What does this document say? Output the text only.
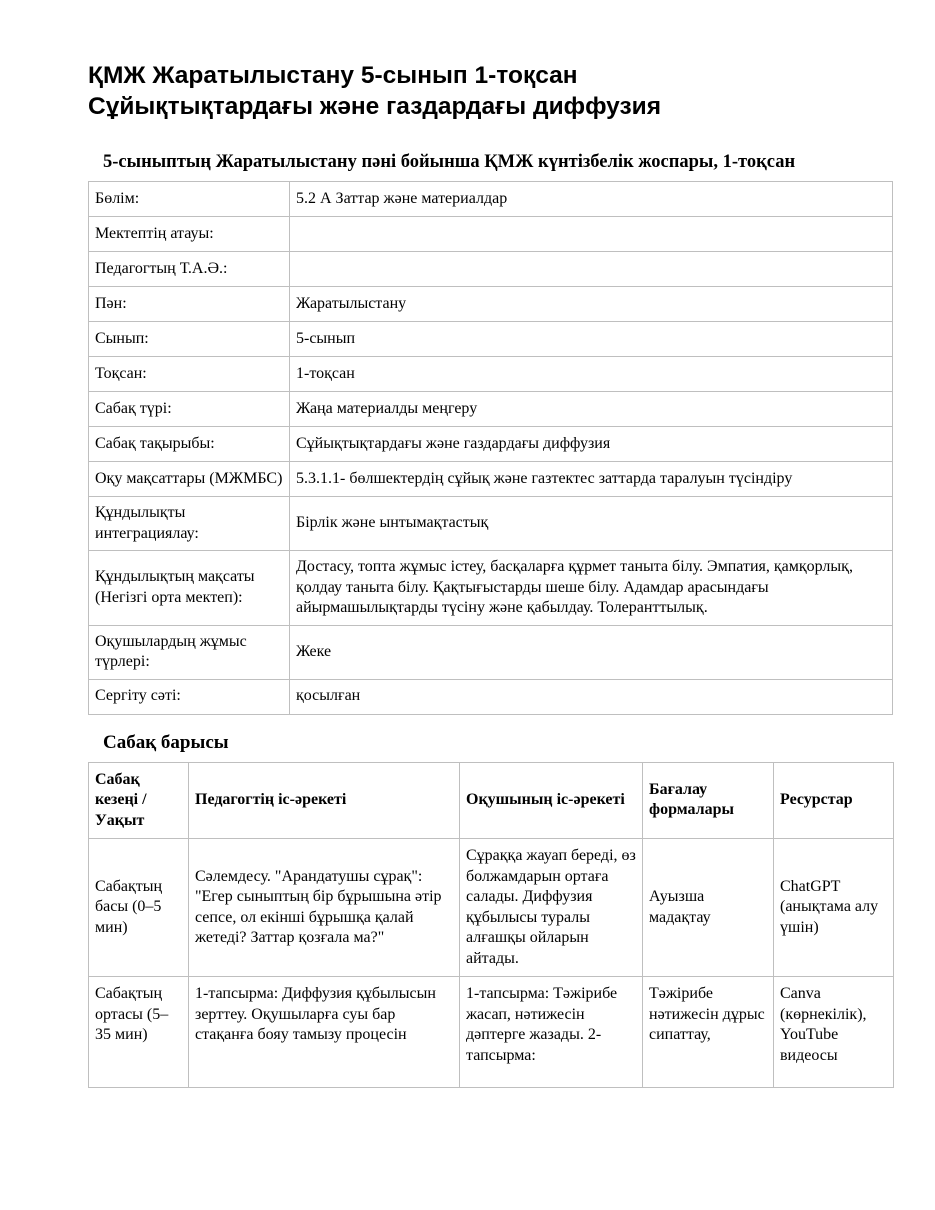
ҚМЖ Жаратылыстану 5-сынып 1-тоқсан
Сұйықтықтардағы және газдардағы диффузия
5-сыныптың Жаратылыстану пәні бойынша ҚМЖ күнтізбелік жоспары, 1-тоқсан
Бөлім:	5.2 А Заттар және материалдар
Мектептің атауы:	
Педагогтың Т.А.Ә.:	
Пән:	Жаратылыстану
Сынып:	5-сынып
Тоқсан:	1-тоқсан
Сабақ түрі:	Жаңа материалды меңгеру
Сабақ тақырыбы:	Сұйықтықтардағы және газдардағы диффузия
Оқу мақсаттары (МЖМБС)	5.3.1.1- бөлшектердің сұйық және газтектес заттарда таралуын түсіндіру
Құндылықты интеграциялау:	Бірлік және ынтымақтастық
Құндылықтың мақсаты (Негізгі орта мектеп):	Достасу, топта жұмыс істеу, басқаларға құрмет таныта білу. Эмпатия, қамқорлық, қолдау таныта білу. Қақтығыстарды шеше білу. Адамдар арасындағы айырмашылықтарды түсіну және қабылдау. Толеранттылық.
Оқушылардың жұмыс түрлері:	Жеке
Сергіту сәті:	қосылған
Сабақ барысы
Сабақ кезеңі / Уақыт	Педагогтің іс-әрекеті	Оқушының іс-әрекеті	Бағалау формалары	Ресурстар
Сабақтың басы (0–5 мин)	Сәлемдесу. "Арандатушы сұрақ": "Егер сыныптың бір бұрышына әтір сепсе, ол екінші бұрышқа қалай жетеді? Заттар қозғала ма?"	Сұраққа жауап береді, өз болжамдарын ортаға салады. Диффузия құбылысы туралы алғашқы ойларын айтады.	Ауызша мадақтау	ChatGPT (анықтама алу үшін)

Сабақтың ортасы (5–35 мин)	1-тапсырма: Диффузия құбылысын зерттеу. Оқушыларға суы бар стақанға бояу тамызу процесін	1-тапсырма: Тәжірибе жасап, нәтижесін дәптерге жазады. 2-тапсырма:	Тәжірибе нәтижесін дұрыс сипаттау,	Canva (көрнекілік), YouTube видеосы
